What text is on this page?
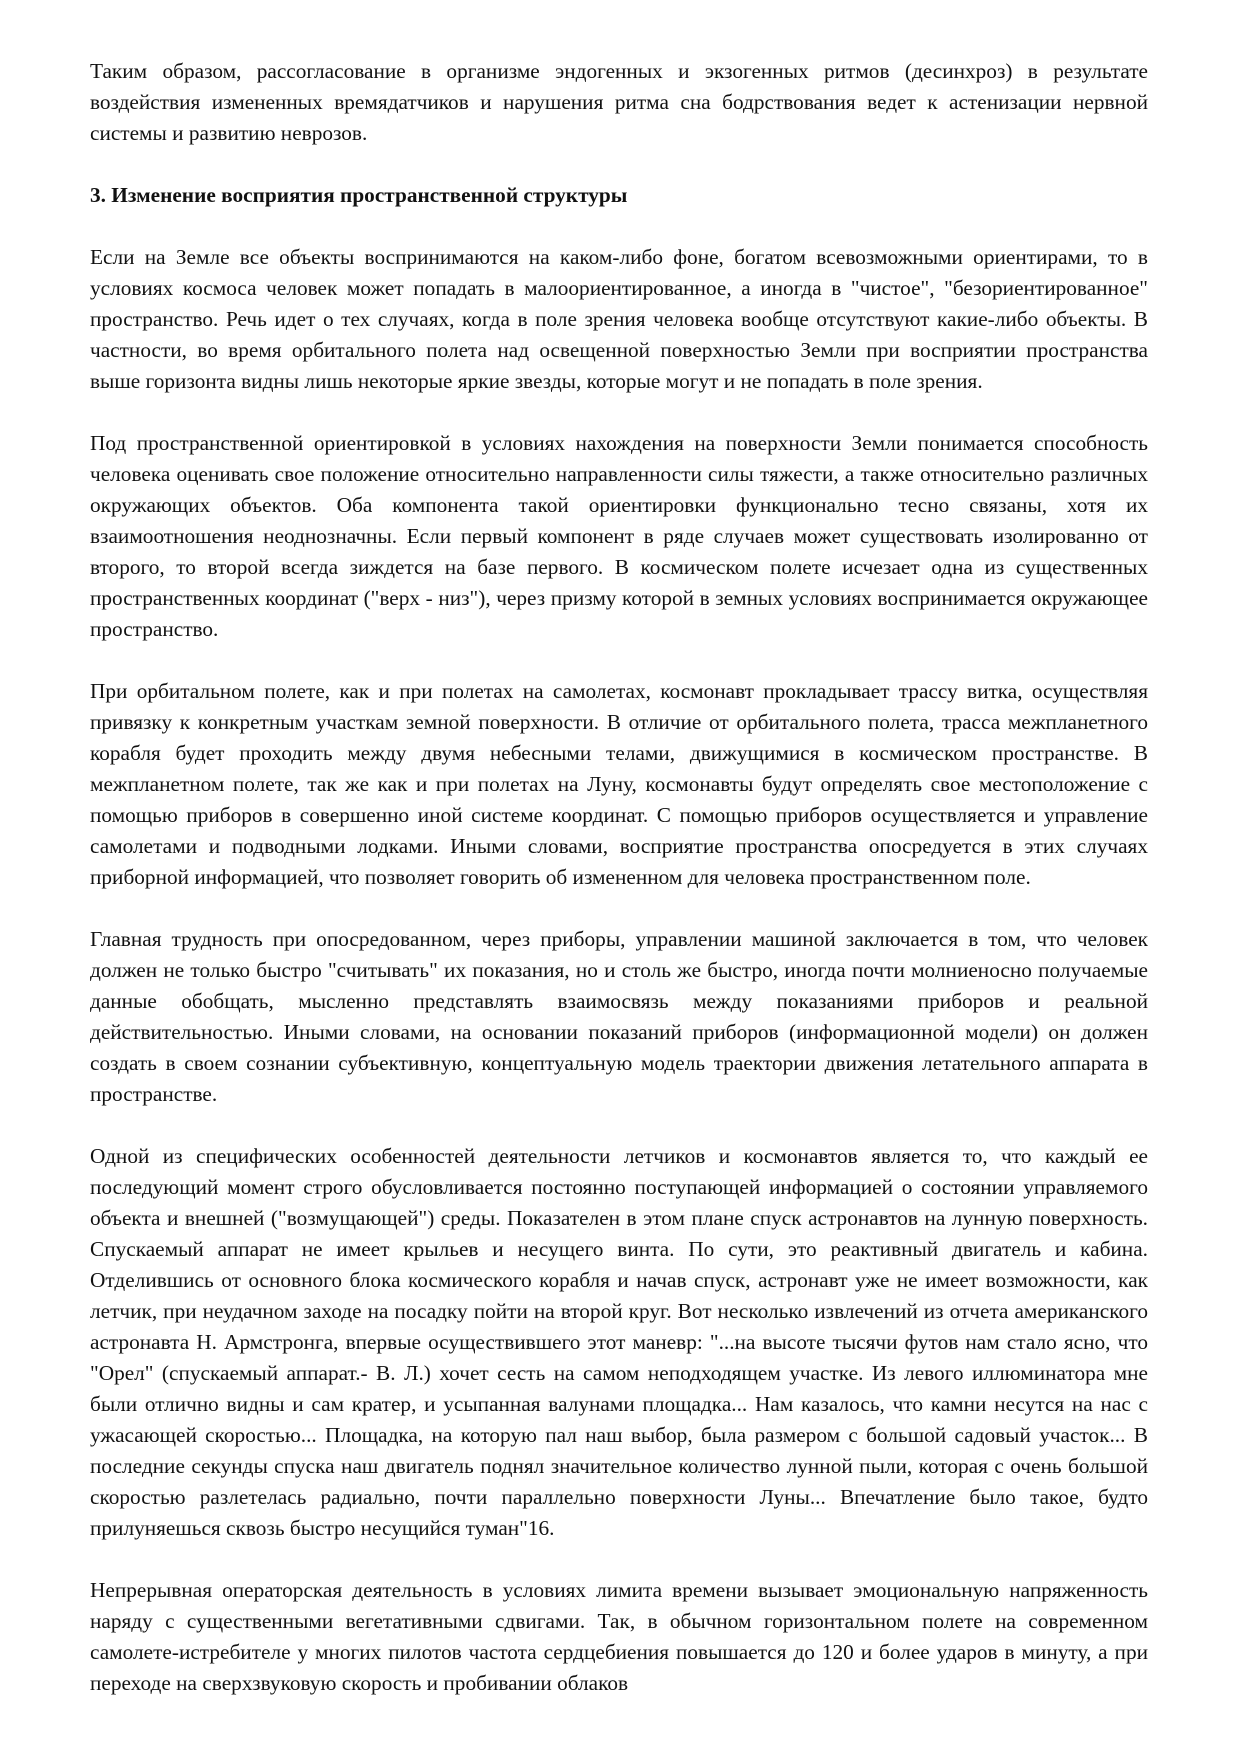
Таким образом, рассогласование в организме эндогенных и экзогенных ритмов (десинхроз) в результате воздействия измененных времядатчиков и нарушения ритма сна бодрствования ведет к астенизации нервной системы и развитию неврозов.

3. Изменение восприятия пространственной структуры

Если на Земле все объекты воспринимаются на каком-либо фоне, богатом всевозможными ориентирами, то в условиях космоса человек может попадать в малоориентированное, а иногда в "чистое", "безориентированное" пространство. Речь идет о тех случаях, когда в поле зрения человека вообще отсутствуют какие-либо объекты. В частности, во время орбитального полета над освещенной поверхностью Земли при восприятии пространства выше горизонта видны лишь некоторые яркие звезды, которые могут и не попадать в поле зрения.

Под пространственной ориентировкой в условиях нахождения на поверхности Земли понимается способность человека оценивать свое положение относительно направленности силы тяжести, а также относительно различных окружающих объектов. Оба компонента такой ориентировки функционально тесно связаны, хотя их взаимоотношения неоднозначны. Если первый компонент в ряде случаев может существовать изолированно от второго, то второй всегда зиждется на базе первого. В космическом полете исчезает одна из существенных пространственных координат ("верх - низ"), через призму которой в земных условиях воспринимается окружающее пространство.

При орбитальном полете, как и при полетах на самолетах, космонавт прокладывает трассу витка, осуществляя привязку к конкретным участкам земной поверхности. В отличие от орбитального полета, трасса межпланетного корабля будет проходить между двумя небесными телами, движущимися в космическом пространстве. В межпланетном полете, так же как и при полетах на Луну, космонавты будут определять свое местоположение с помощью приборов в совершенно иной системе координат. С помощью приборов осуществляется и управление самолетами и подводными лодками. Иными словами, восприятие пространства опосредуется в этих случаях приборной информацией, что позволяет говорить об измененном для человека пространственном поле.

Главная трудность при опосредованном, через приборы, управлении машиной заключается в том, что человек должен не только быстро "считывать" их показания, но и столь же быстро, иногда почти молниеносно получаемые данные обобщать, мысленно представлять взаимосвязь между показаниями приборов и реальной действительностью. Иными словами, на основании показаний приборов (информационной модели) он должен создать в своем сознании субъективную, концептуальную модель траектории движения летательного аппарата в пространстве.

Одной из специфических особенностей деятельности летчиков и космонавтов является то, что каждый ее последующий момент строго обусловливается постоянно поступающей информацией о состоянии управляемого объекта и внешней ("возмущающей") среды. Показателен в этом плане спуск астронавтов на лунную поверхность. Спускаемый аппарат не имеет крыльев и несущего винта. По сути, это реактивный двигатель и кабина. Отделившись от основного блока космического корабля и начав спуск, астронавт уже не имеет возможности, как летчик, при неудачном заходе на посадку пойти на второй круг. Вот несколько извлечений из отчета американского астронавта Н. Армстронга, впервые осуществившего этот маневр: "...на высоте тысячи футов нам стало ясно, что "Орел" (спускаемый аппарат.- В. Л.) хочет сесть на самом неподходящем участке. Из левого иллюминатора мне были отлично видны и сам кратер, и усыпанная валунами площадка... Нам казалось, что камни несутся на нас с ужасающей скоростью... Площадка, на которую пал наш выбор, была размером с большой садовый участок... В последние секунды спуска наш двигатель поднял значительное количество лунной пыли, которая с очень большой скоростью разлетелась радиально, почти параллельно поверхности Луны... Впечатление было такое, будто прилуняешься сквозь быстро несущийся туман"16.

Непрерывная операторская деятельность в условиях лимита времени вызывает эмоциональную напряженность наряду с существенными вегетативными сдвигами. Так, в обычном горизонтальном полете на современном самолете-истребителе у многих пилотов частота сердцебиения повышается до 120 и более ударов в минуту, а при переходе на сверхзвуковую скорость и пробивании облаков
